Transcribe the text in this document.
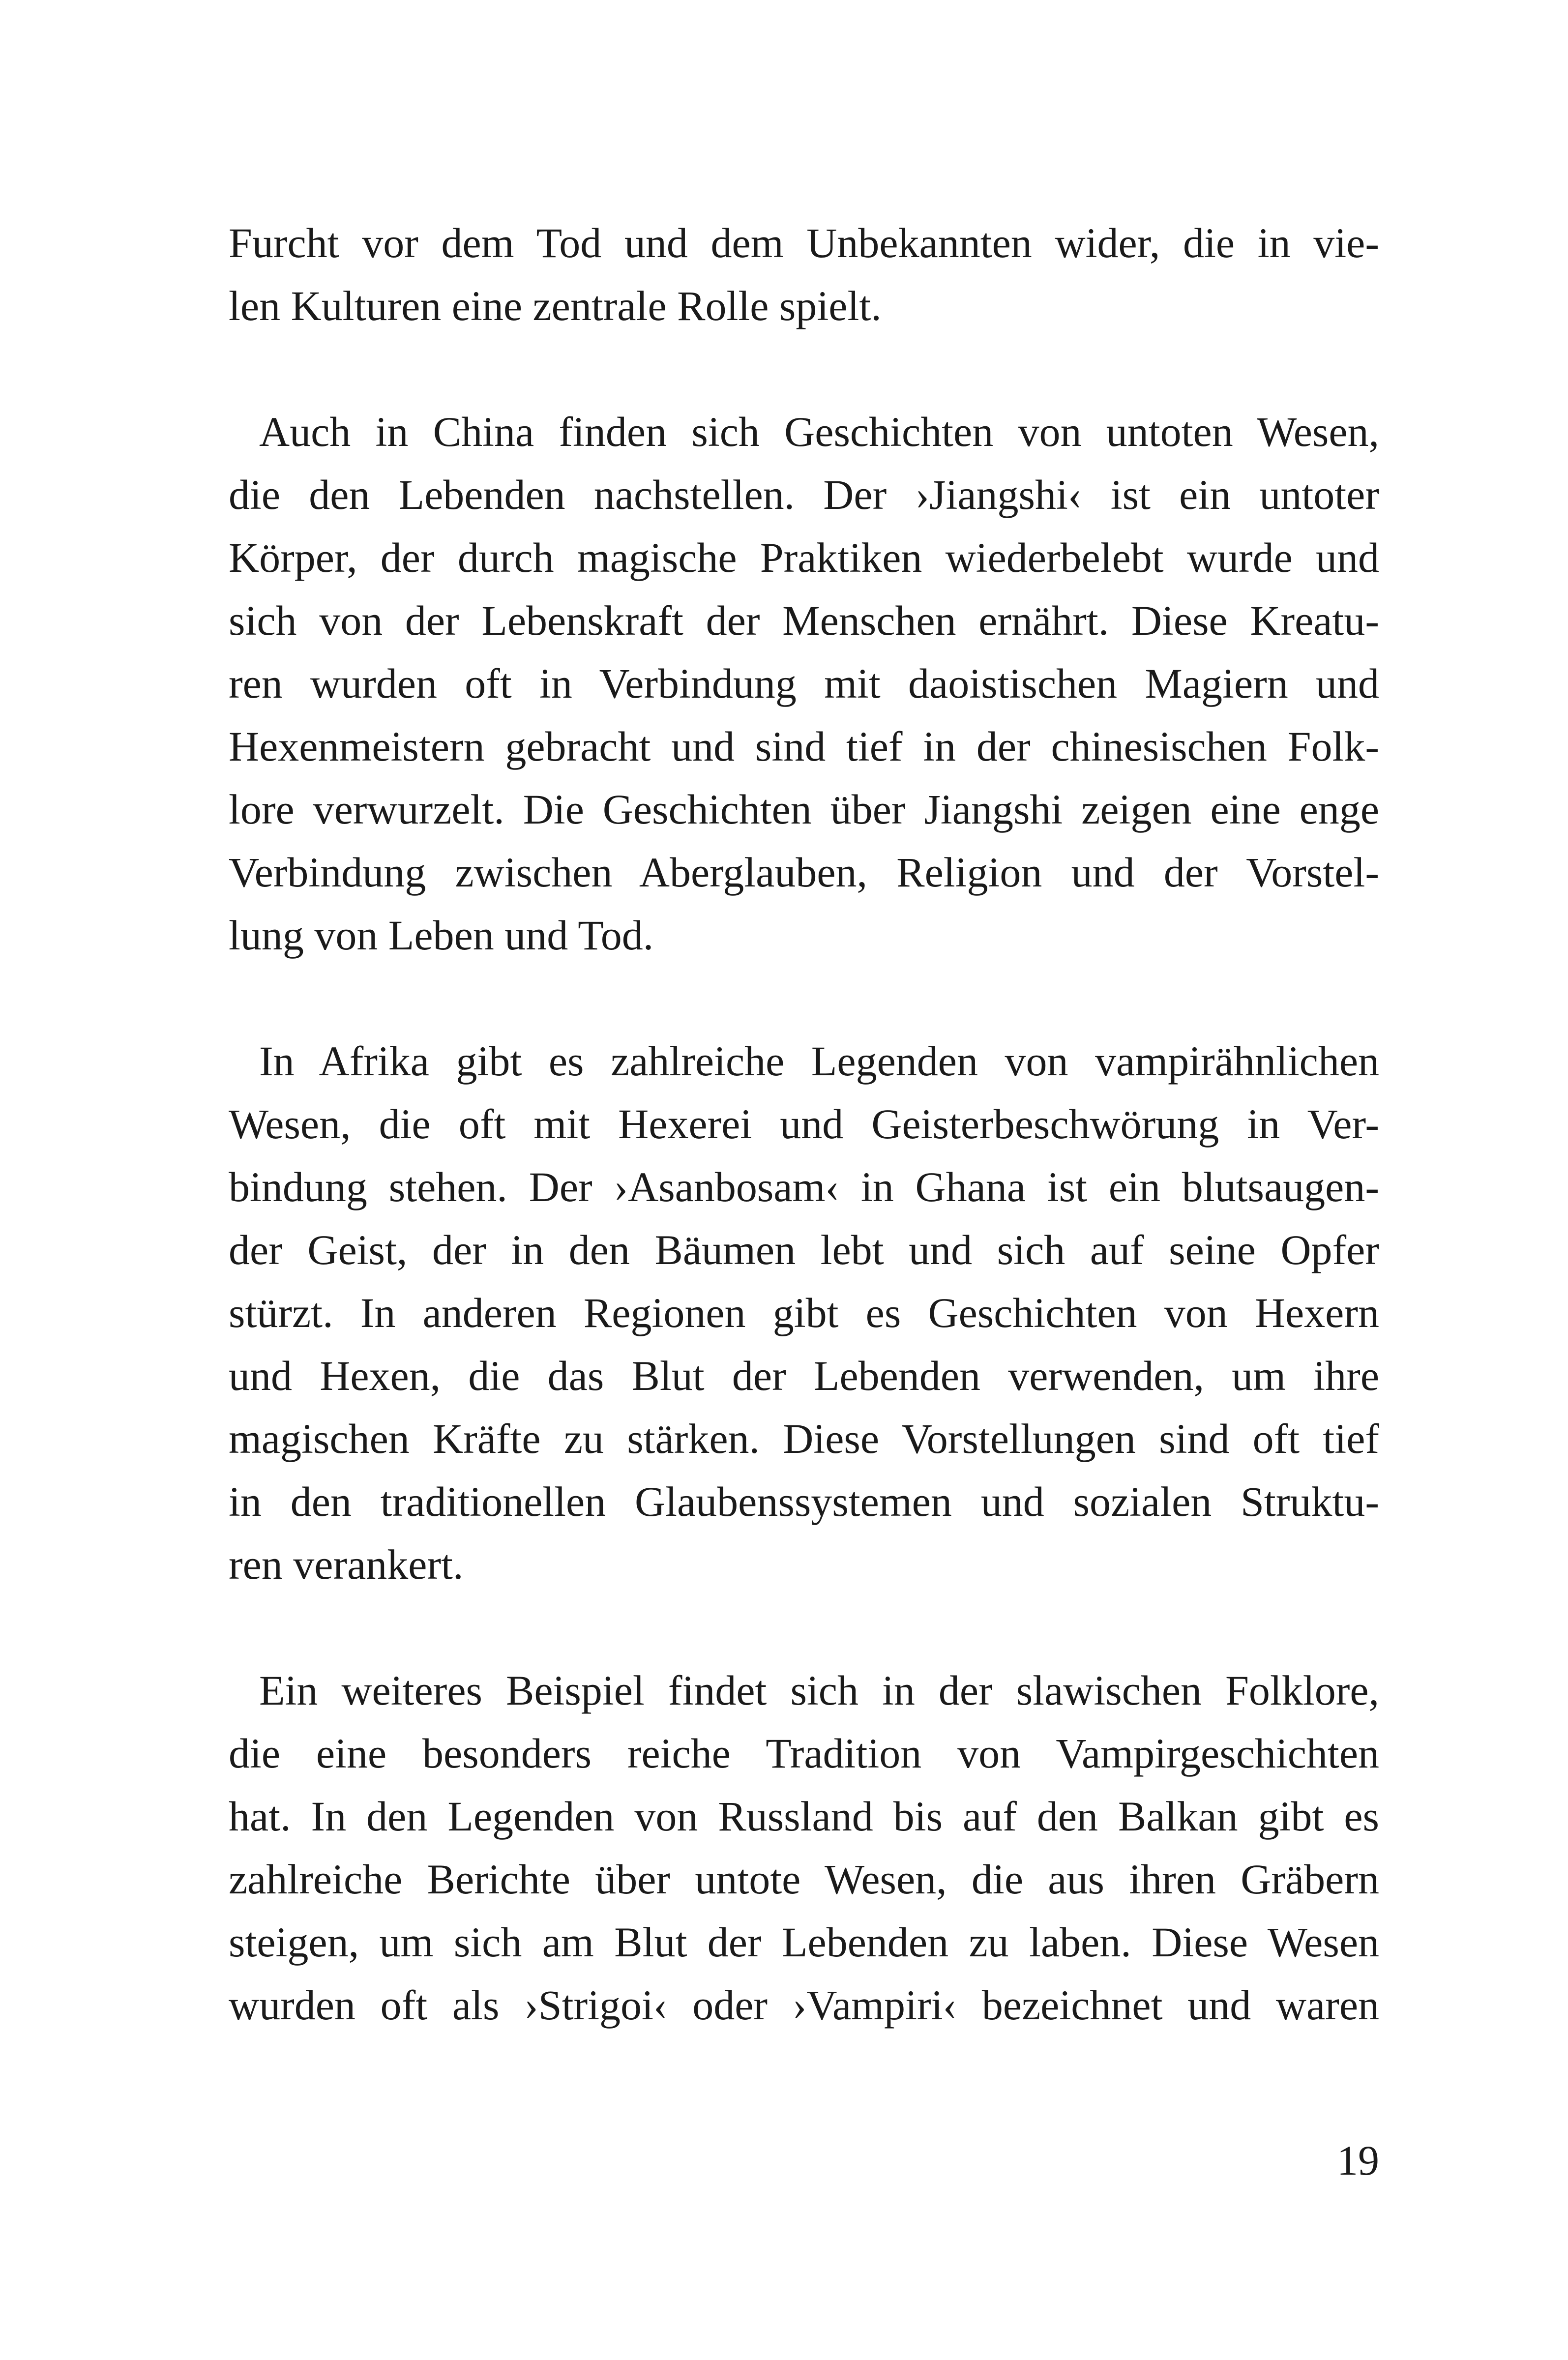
Furcht vor dem Tod und dem Unbekannten wider, die in vie-
len Kulturen eine zentrale Rolle spielt.
Auch in China finden sich Geschichten von untoten Wesen,
die den Lebenden nachstellen. Der ›Jiangshi‹ ist ein untoter
Körper, der durch magische Praktiken wiederbelebt wurde und
sich von der Lebenskraft der Menschen ernährt. Diese Kreatu-
ren wurden oft in Verbindung mit daoistischen Magiern und
Hexenmeistern gebracht und sind tief in der chinesischen Folk-
lore verwurzelt. Die Geschichten über Jiangshi zeigen eine enge
Verbindung zwischen Aberglauben, Religion und der Vorstel-
lung von Leben und Tod.
In Afrika gibt es zahlreiche Legenden von vampirähnlichen
Wesen, die oft mit Hexerei und Geisterbeschwörung in Ver-
bindung stehen. Der ›Asanbosam‹ in Ghana ist ein blutsaugen-
der Geist, der in den Bäumen lebt und sich auf seine Opfer
stürzt. In anderen Regionen gibt es Geschichten von Hexern
und Hexen, die das Blut der Lebenden verwenden, um ihre
magischen Kräfte zu stärken. Diese Vorstellungen sind oft tief
in den traditionellen Glaubenssystemen und sozialen Struktu-
ren verankert.
Ein weiteres Beispiel findet sich in der slawischen Folklore,
die eine besonders reiche Tradition von Vampirgeschichten
hat. In den Legenden von Russland bis auf den Balkan gibt es
zahlreiche Berichte über untote Wesen, die aus ihren Gräbern
steigen, um sich am Blut der Lebenden zu laben. Diese Wesen
wurden oft als ›Strigoi‹ oder ›Vampiri‹ bezeichnet und waren
19
